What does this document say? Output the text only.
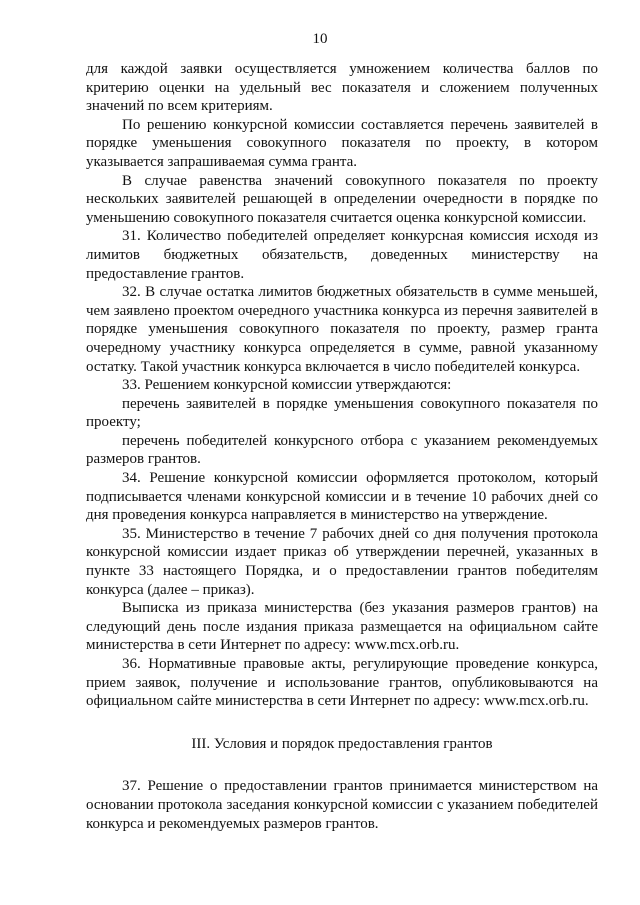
10

для каждой заявки осуществляется умножением количества баллов по критерию оценки на удельный вес показателя и сложением полученных значений по всем критериям.

По решению конкурсной комиссии составляется перечень заявителей в порядке уменьшения совокупного показателя по проекту, в котором указывается запрашиваемая сумма гранта.

В случае равенства значений совокупного показателя по проекту нескольких заявителей решающей в определении очередности в порядке по уменьшению совокупного показателя считается оценка конкурсной комиссии.

31. Количество победителей определяет конкурсная комиссия исходя из лимитов бюджетных обязательств, доведенных министерству на предоставление грантов.

32. В случае остатка лимитов бюджетных обязательств в сумме меньшей, чем заявлено проектом очередного участника конкурса из перечня заявителей в порядке уменьшения совокупного показателя по проекту, размер гранта очередному участнику конкурса определяется в сумме, равной указанному остатку. Такой участник конкурса включается в число победителей конкурса.

33. Решением конкурсной комиссии утверждаются:

перечень заявителей в порядке уменьшения совокупного показателя по проекту;

перечень победителей конкурсного отбора с указанием рекомендуемых размеров грантов.

34. Решение конкурсной комиссии оформляется протоколом, который подписывается членами конкурсной комиссии и в течение 10 рабочих дней со дня проведения конкурса направляется в министерство на утверждение.

35. Министерство в течение 7 рабочих дней со дня получения протокола конкурсной комиссии издает приказ об утверждении перечней, указанных в пункте 33 настоящего Порядка, и о предоставлении грантов победителям конкурса (далее – приказ).

Выписка из приказа министерства (без указания размеров грантов) на следующий день после издания приказа размещается на официальном сайте министерства в сети Интернет по адресу: www.mcx.orb.ru.

36. Нормативные правовые акты, регулирующие проведение конкурса, прием заявок, получение и использование грантов, опубликовываются на официальном сайте министерства в сети Интернет по адресу: www.mcx.orb.ru.

III. Условия и порядок предоставления грантов

37. Решение о предоставлении грантов принимается министерством на основании протокола заседания конкурсной комиссии с указанием победителей конкурса и рекомендуемых размеров грантов.
